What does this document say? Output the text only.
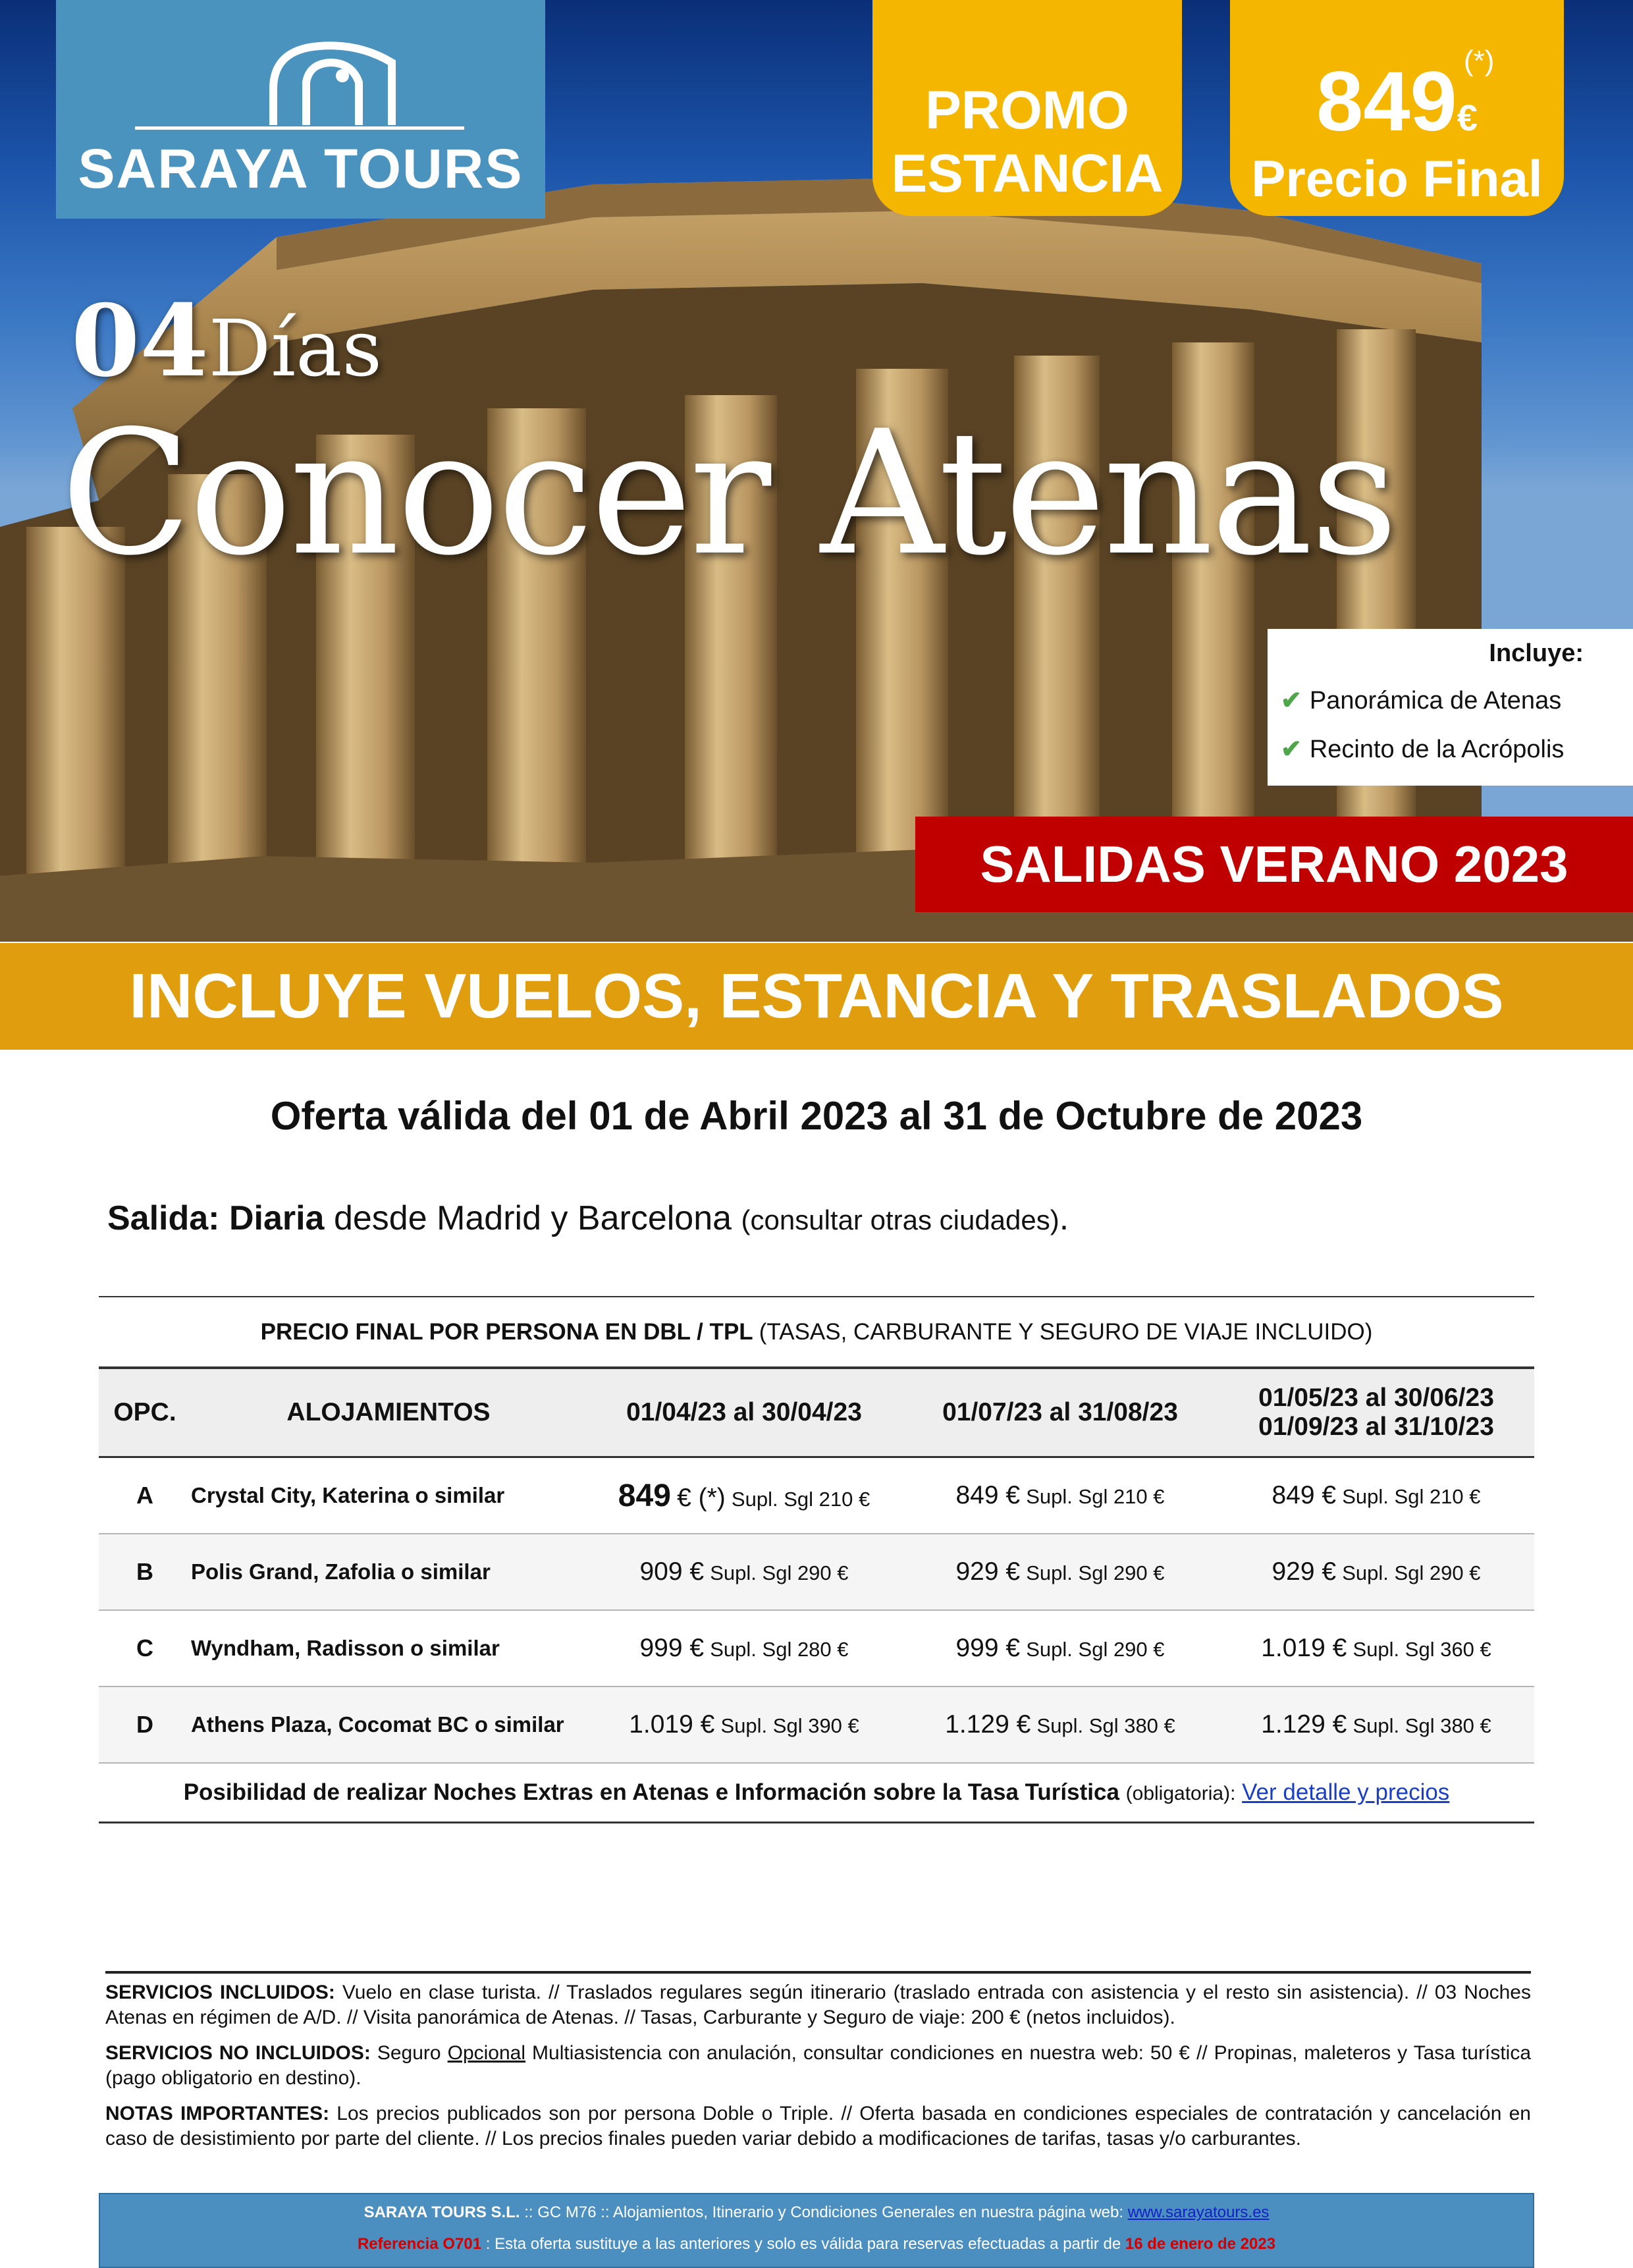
SARAYA TOURS
PROMO
ESTANCIA
(*)
849€
Precio Final
04Días
Conocer Atenas
Incluye:
✔ Panorámica de Atenas
✔ Recinto de la Acrópolis
SALIDAS VERANO 2023
INCLUYE VUELOS, ESTANCIA Y TRASLADOS
Oferta válida del 01 de Abril 2023 al 31 de Octubre de 2023
Salida: Diaria desde Madrid y Barcelona (consultar otras ciudades).
PRECIO FINAL POR PERSONA EN DBL / TPL (TASAS, CARBURANTE Y SEGURO DE VIAJE INCLUIDO)
OPC.	ALOJAMIENTOS	01/04/23 al 30/04/23	01/07/23 al 31/08/23	01/05/23 al 30/06/23
01/09/23 al 31/10/23

A	Crystal City, Katerina o similar	849 € (*) Supl. Sgl 210 €	849 € Supl. Sgl 210 €	849 € Supl. Sgl 210 €
B	Polis Grand, Zafolia o similar	909 € Supl. Sgl 290 €	929 € Supl. Sgl 290 €	929 € Supl. Sgl 290 €
C	Wyndham, Radisson o similar	999 € Supl. Sgl 280 €	999 € Supl. Sgl 290 €	1.019 € Supl. Sgl 360 €
D	Athens Plaza, Cocomat BC o similar	1.019 € Supl. Sgl 390 €	1.129 € Supl. Sgl 380 €	1.129 € Supl. Sgl 380 €
Posibilidad de realizar Noches Extras en Atenas e Información sobre la Tasa Turística (obligatoria): Ver detalle y precios

SERVICIOS INCLUIDOS: Vuelo en clase turista. // Traslados regulares según itinerario (traslado entrada con asistencia y el resto sin asistencia). // 03 Noches Atenas en régimen de A/D. // Visita panorámica de Atenas. // Tasas, Carburante y Seguro de viaje: 200 € (netos incluidos).

SERVICIOS NO INCLUIDOS: Seguro Opcional Multiasistencia con anulación, consultar condiciones en nuestra web: 50 € // Propinas, maleteros y Tasa turística (pago obligatorio en destino).

NOTAS IMPORTANTES: Los precios publicados son por persona Doble o Triple. // Oferta basada en condiciones especiales de contratación y cancelación en caso de desistimiento por parte del cliente. // Los precios finales pueden variar debido a modificaciones de tarifas, tasas y/o carburantes.

SARAYA TOURS S.L. :: GC M76 :: Alojamientos, Itinerario y Condiciones Generales en nuestra página web: www.sarayatours.es
Referencia O701 : Esta oferta sustituye a las anteriores y solo es válida para reservas efectuadas a partir de 16 de enero de 2023
